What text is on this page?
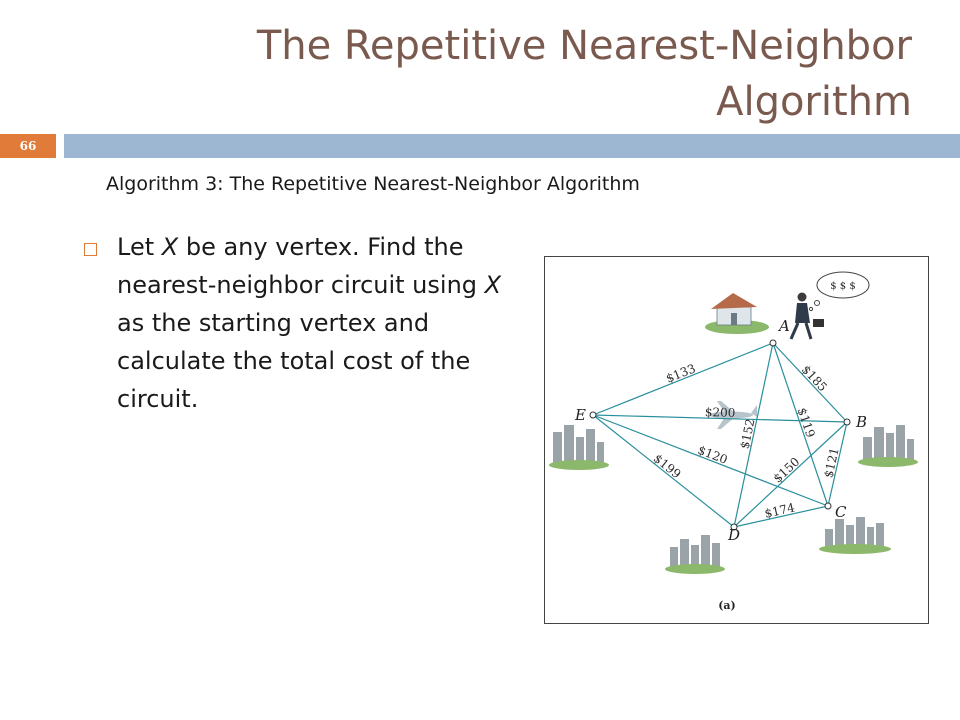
The Repetitive Nearest-Neighbor Algorithm
66
Algorithm 3: The Repetitive Nearest-Neighbor Algorithm
Let X be any vertex. Find the nearest-neighbor circuit using X as the starting vertex and calculate the total cost of the circuit.
$ $ $
$133	$185
$119
$152
$200
$120
$199	$150 $121
$174
A
B
C
D
E
(a)
